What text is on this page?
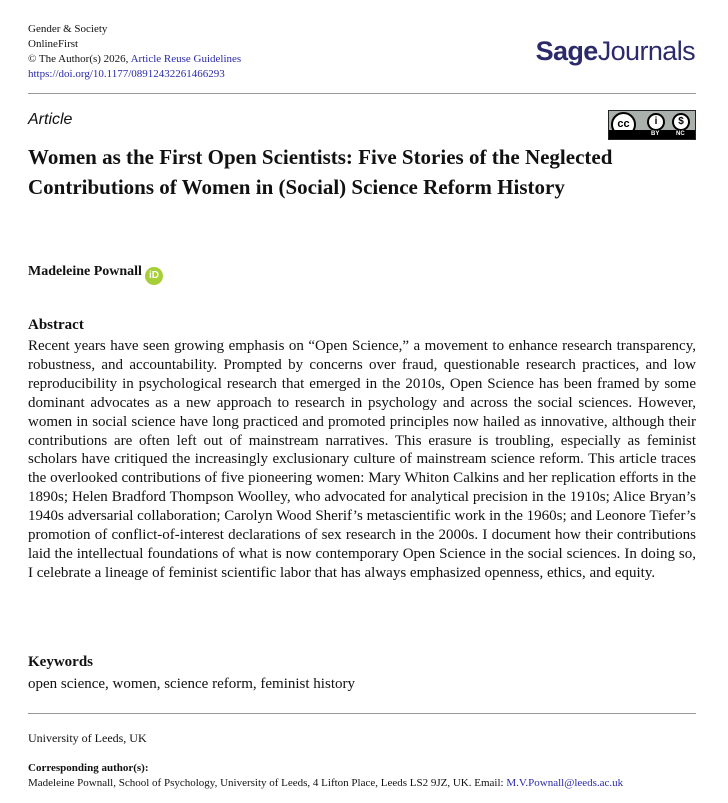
Gender & Society
OnlineFirst
© The Author(s) 2026, Article Reuse Guidelines
https://doi.org/10.1177/08912432261466293
SageJournals
Article	cc	i	$
BY	NC
Women as the First Open Scientists: Five Stories of the Neglected Contributions of Women in (Social) Science Reform History
Madeleine Pownall iD
Abstract

Recent years have seen growing emphasis on “Open Science,” a movement to enhance research transparency, robustness, and accountability. Prompted by concerns over fraud, questionable research practices, and low reproducibility in psychological research that emerged in the 2010s, Open Science has been framed by some dominant advocates as a new approach to research in psychology and across the social sciences. However, women in social science have long practiced and promoted principles now hailed as innovative, although their contributions are often left out of mainstream narratives. This erasure is troubling, especially as feminist scholars have critiqued the increasingly exclusionary culture of mainstream science reform. This article traces the overlooked contributions of five pioneering women: Mary Whiton Calkins and her replication efforts in the 1890s; Helen Bradford Thompson Woolley, who advocated for analytical precision in the 1910s; Alice Bryan’s 1940s adversarial collaboration; Carolyn Wood Sherif’s metascientific work in the 1960s; and Leonore Tiefer’s promotion of conflict-of-interest declarations of sex research in the 2000s. I document how their contributions laid the intellectual foundations of what is now contemporary Open Science in the social sciences. In doing so, I celebrate a lineage of feminist scientific labor that has always emphasized openness, ethics, and equity.

Keywords
open science, women, science reform, feminist history
University of Leeds, UK
Corresponding author(s):
Madeleine Pownall, School of Psychology, University of Leeds, 4 Lifton Place, Leeds LS2 9JZ, UK. Email: M.V.Pownall@leeds.ac.uk
